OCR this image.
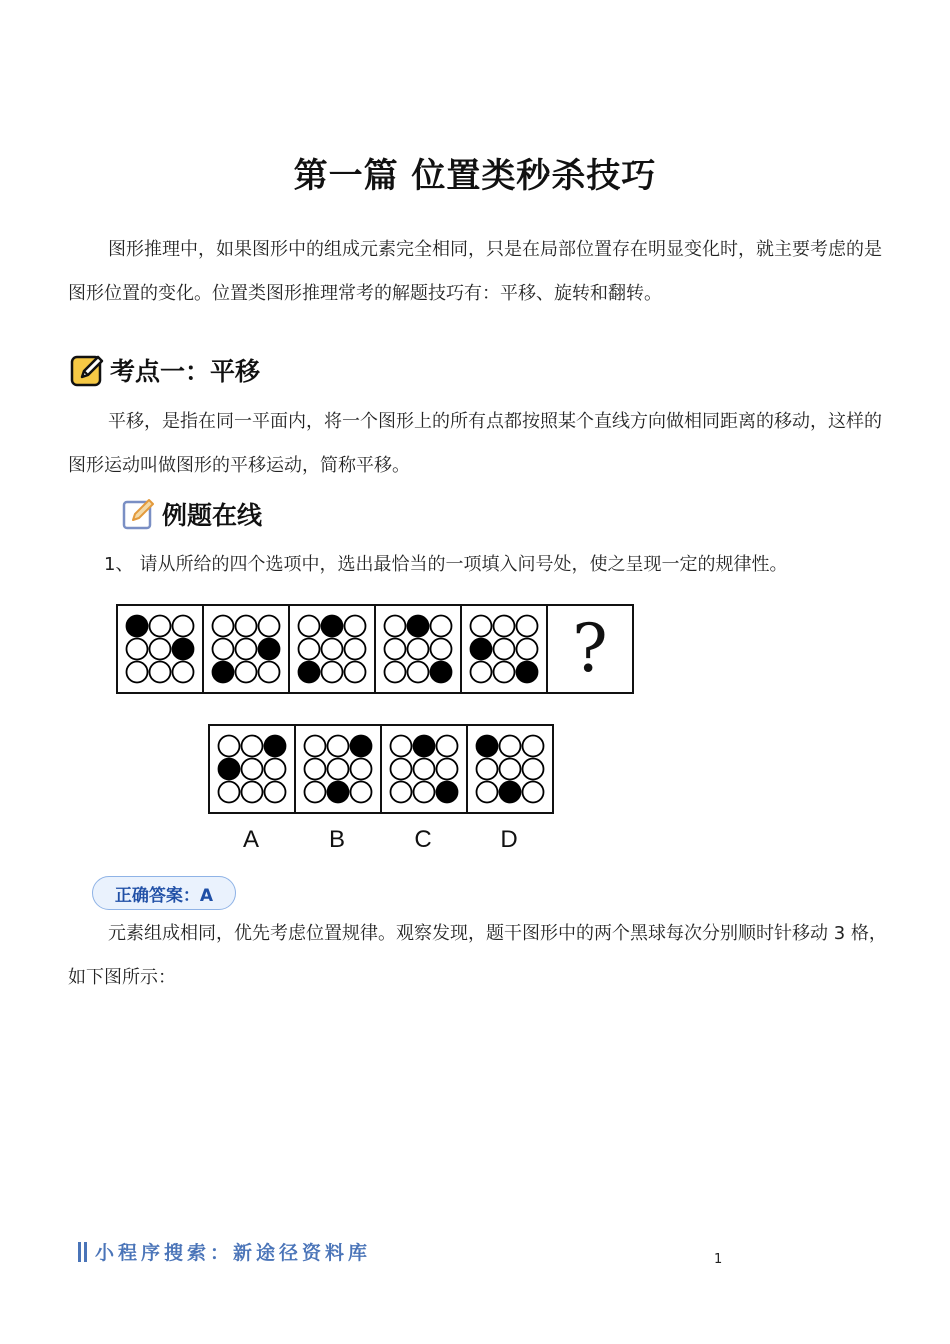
第一篇 位置类秒杀技巧

图形推理中，如果图形中的组成元素完全相同，只是在局部位置存在明显变化时，就主要考虑的是图形位置的变化。位置类图形推理常考的解题技巧有：平移、旋转和翻转。

考点一：平移

平移，是指在同一平面内，将一个图形上的所有点都按照某个直线方向做相同距离的移动，这样的图形运动叫做图形的平移运动，简称平移。

例题在线
1、 请从所给的四个选项中，选出最恰当的一项填入问号处，使之呈现一定的规律性。
?
A	B	C	D
正确答案：A

元素组成相同，优先考虑位置规律。观察发现，题干图形中的两个黑球每次分别顺时针移动 3 格，如下图所示：

小程序搜索：新途径资料库	1
